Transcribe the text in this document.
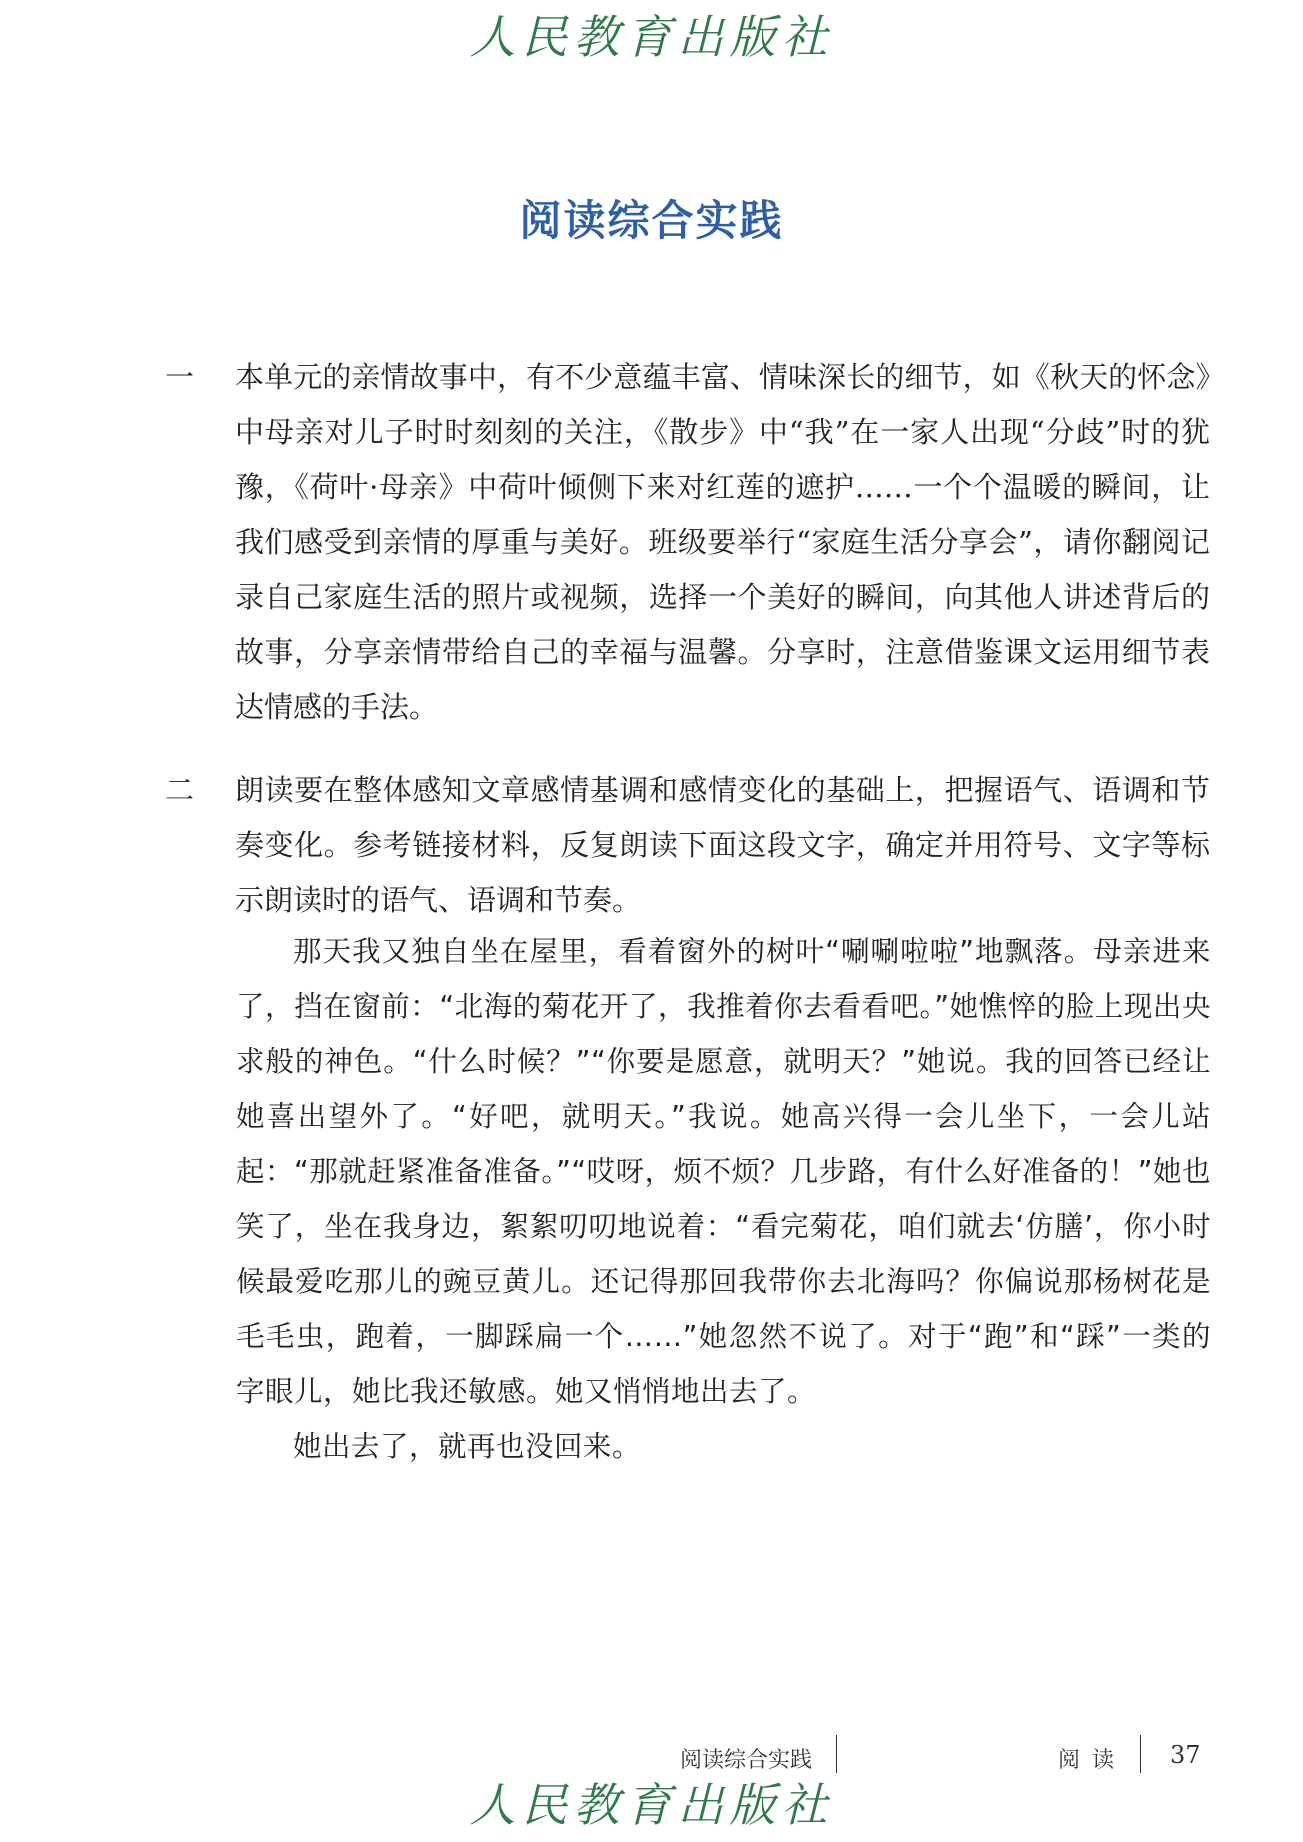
人民教育出版社
阅读综合实践
一 本单元的亲情故事中，有不少意蕴丰富、情味深长的细节，如《秋天的怀念》中母亲对儿子时时刻刻的关注，《散步》中“我”在一家人出现“分歧”时的犹豫，《荷叶·母亲》中荷叶倾侧下来对红莲的遮护……一个个温暖的瞬间，让我们感受到亲情的厚重与美好。班级要举行“家庭生活分享会”，请你翻阅记录自己家庭生活的照片或视频，选择一个美好的瞬间，向其他人讲述背后的故事，分享亲情带给自己的幸福与温馨。分享时，注意借鉴课文运用细节表达情感的手法。

二 朗读要在整体感知文章感情基调和感情变化的基础上，把握语气、语调和节奏变化。参考链接材料，反复朗读下面这段文字，确定并用符号、文字等标示朗读时的语气、语调和节奏。

那天我又独自坐在屋里，看着窗外的树叶“唰唰啦啦”地飘落。母亲进来了，挡在窗前：“北海的菊花开了，我推着你去看看吧。”她憔悴的脸上现出央求般的神色。“什么时候？”“你要是愿意，就明天？”她说。我的回答已经让她喜出望外了。“好吧，就明天。”我说。她高兴得一会儿坐下，一会儿站起：“那就赶紧准备准备。”“哎呀，烦不烦？几步路，有什么好准备的！”她也笑了，坐在我身边，絮絮叨叨地说着：“看完菊花，咱们就去‘仿膳’，你小时候最爱吃那儿的豌豆黄儿。还记得那回我带你去北海吗？你偏说那杨树花是毛毛虫，跑着，一脚踩扁一个……”她忽然不说了。对于“跑”和“踩”一类的字眼儿，她比我还敏感。她又悄悄地出去了。

她出去了，就再也没回来。

阅读综合实践	阅读 37
人民教育出版社
